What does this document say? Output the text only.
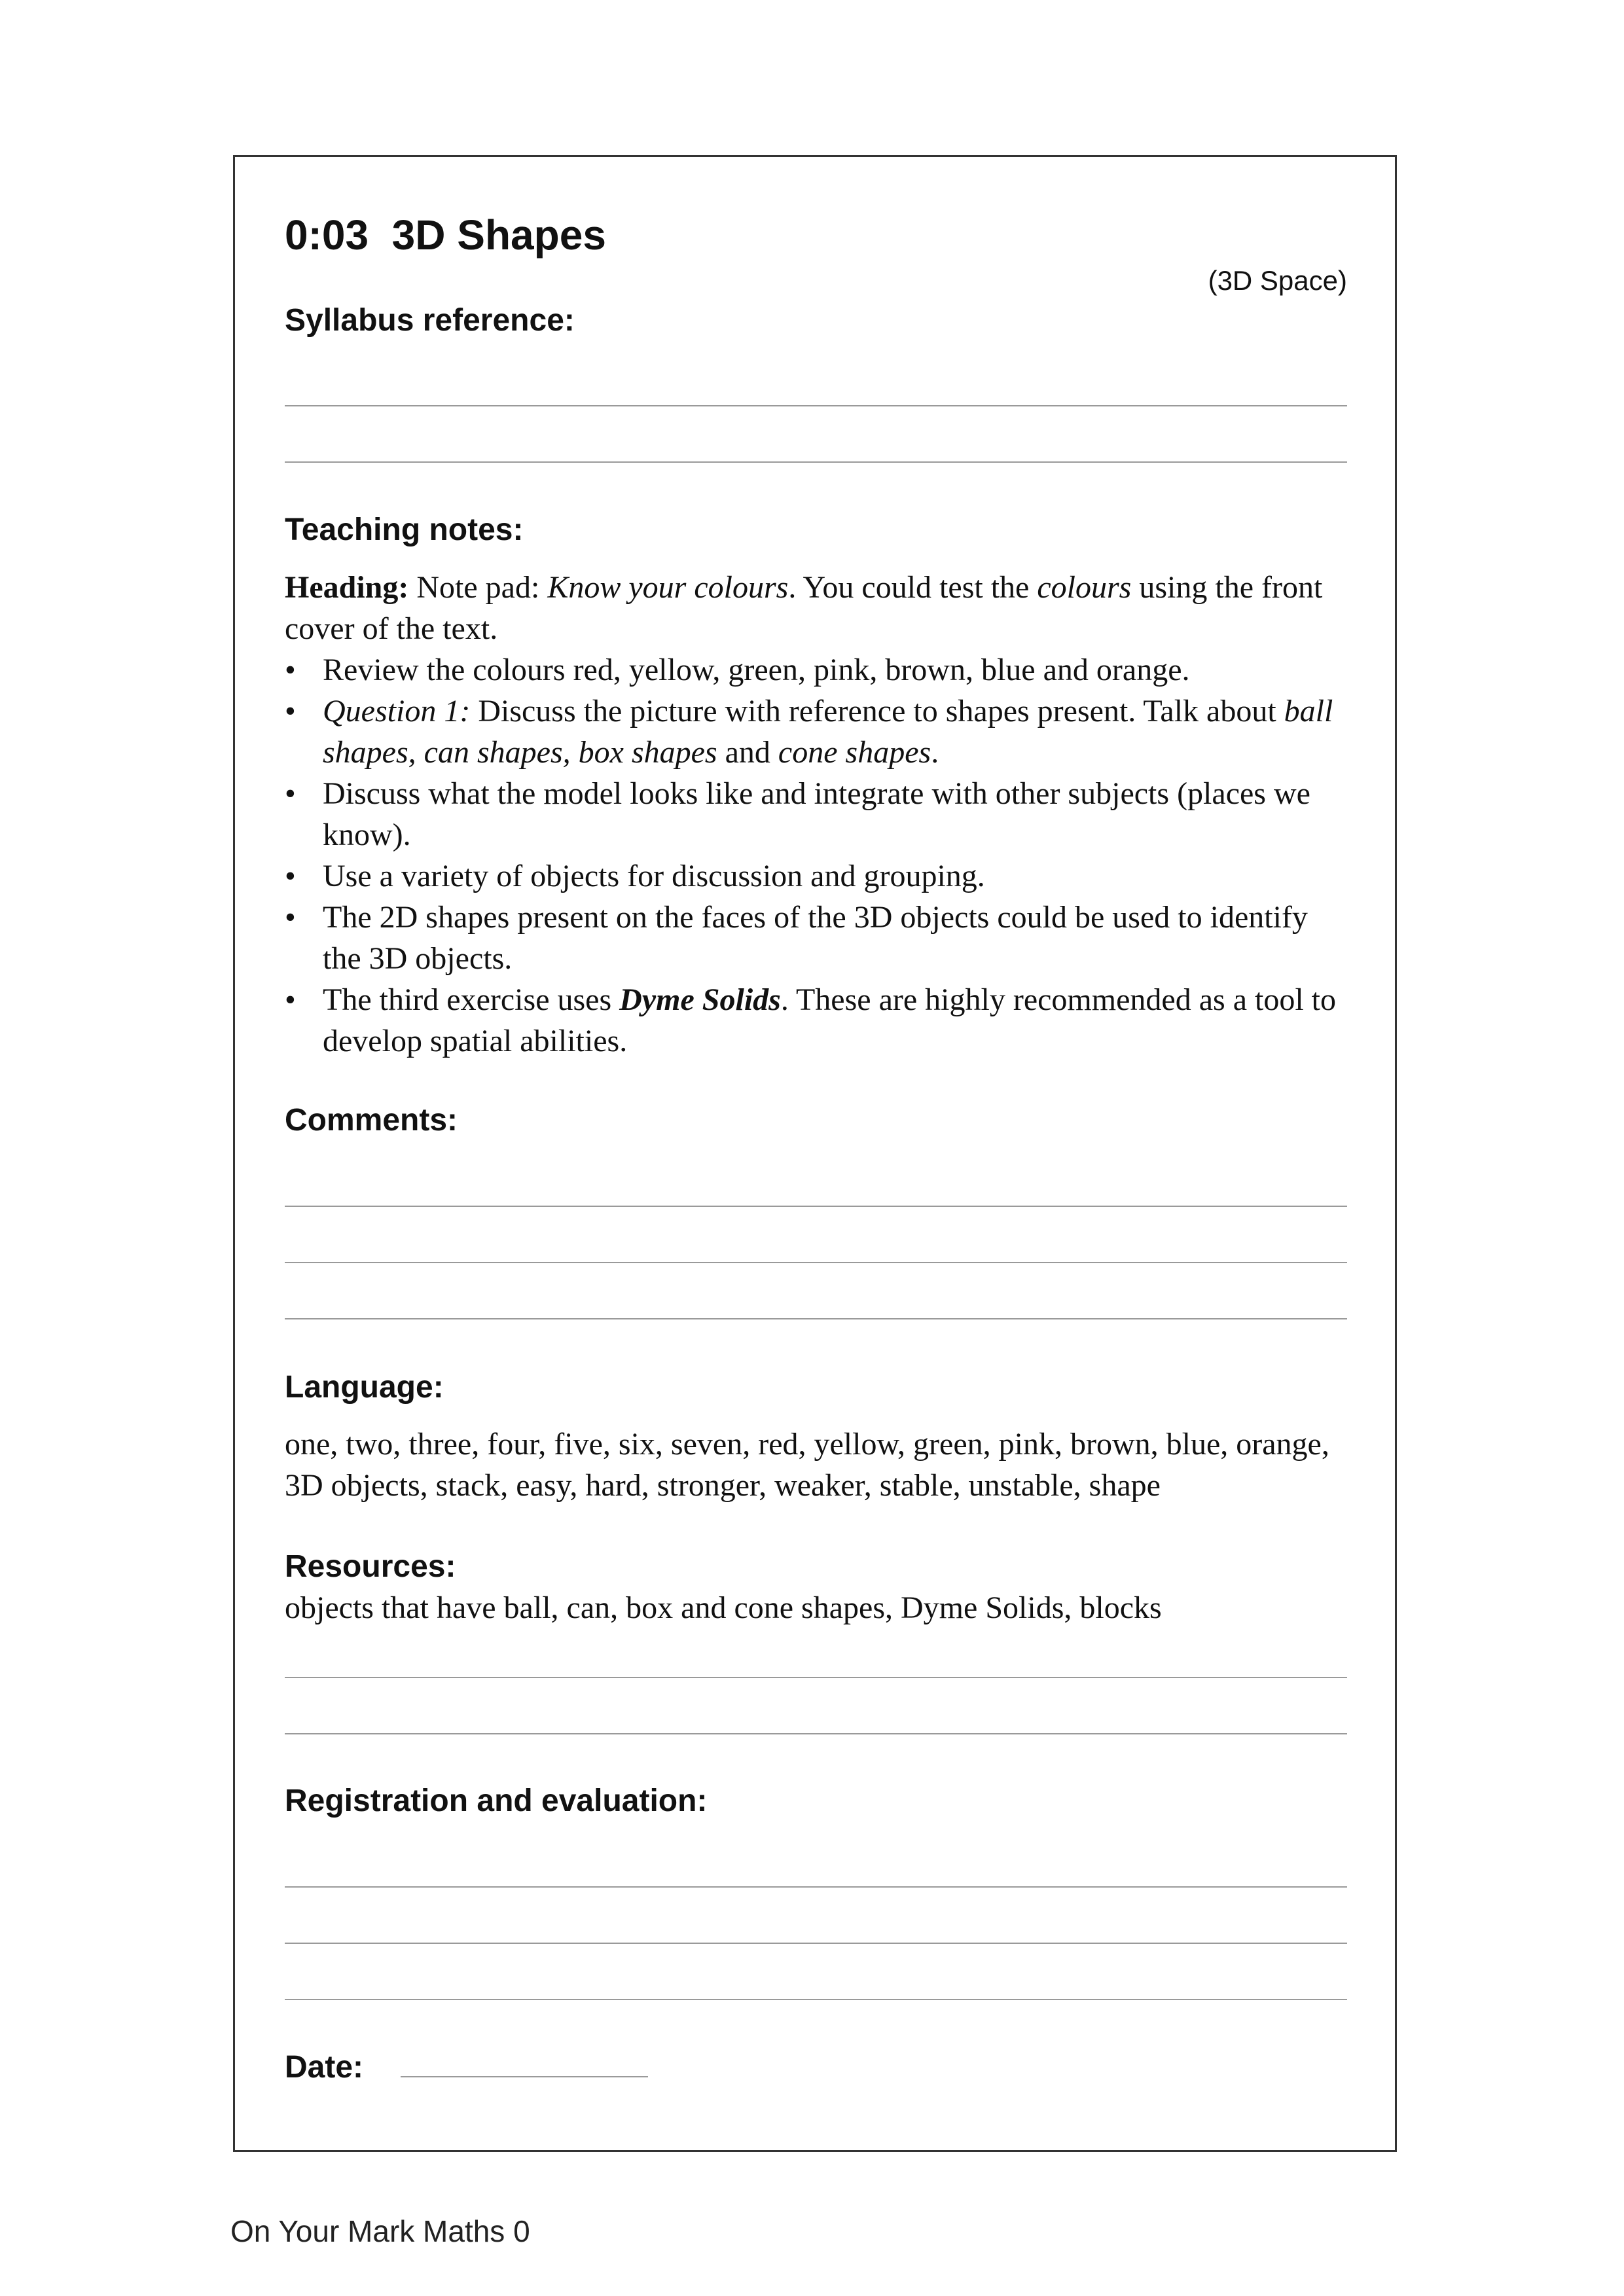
0:03 3D Shapes
(3D Space)
Syllabus reference:
Teaching notes:

Heading: Note pad: Know your colours. You could test the colours using the front cover of the text.

• Review the colours red, yellow, green, pink, brown, blue and orange.
• Question 1: Discuss the picture with reference to shapes present. Talk about ball shapes, can shapes, box shapes and cone shapes.
• Discuss what the model looks like and integrate with other subjects (places we know).
• Use a variety of objects for discussion and grouping.
• The 2D shapes present on the faces of the 3D objects could be used to identify the 3D objects.
• The third exercise uses Dyme Solids. These are highly recommended as a tool to develop spatial abilities.
Comments:
Language:
one, two, three, four, five, six, seven, red, yellow, green, pink, brown, blue, orange, 3D objects, stack, easy, hard, stronger, weaker, stable, unstable, shape
Resources:
objects that have ball, can, box and cone shapes, Dyme Solids, blocks
Registration and evaluation:
Date:
On Your Mark Maths 0
